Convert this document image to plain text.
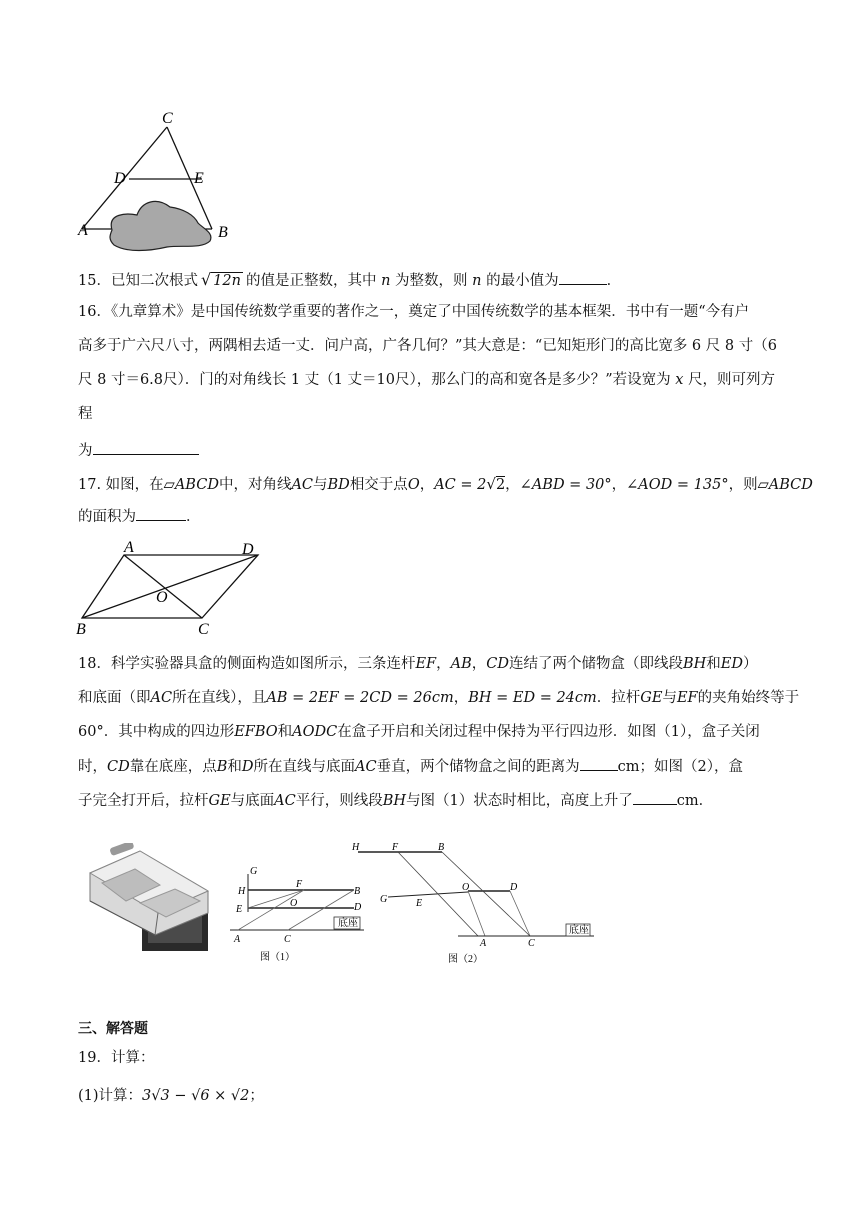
C
D	E
A	B
15．已知二次根式 √ 12n 的值是正整数，其中 n 为整数，则 n 的最小值为	．
16．《九章算术》是中国传统数学重要的著作之一，奠定了中国传统数学的基本框架．书中有一题“今有户
高多于广六尺八寸，两隅相去适一丈．问户高，广各几何？”其大意是：“已知矩形门的高比宽多 6 尺 8 寸（6
尺 8 寸＝6.8尺）．门的对角线长 1 丈（1 丈＝10尺），那么门的高和宽各是多少？”若设宽为 x 尺，则可列方
程
为
17. 如图，在▱ABCD中，对角线AC与BD相交于点O，AC = 2√2，∠ABD = 30°，∠AOD = 135°，则▱ABCD
的面积为	．
A	D
O
B	C
18．科学实验器具盒的侧面构造如图所示，三条连杆EF，AB，CD连结了两个储物盒（即线段BH和ED）
和底面（即AC所在直线），且AB = 2EF = 2CD = 26cm，BH = ED = 24cm．拉杆GE与EF的夹角始终等于
60°．其中构成的四边形EFBO和AODC在盒子开启和关闭过程中保持为平行四边形．如图（1），盒子关闭
时，CD靠在底座，点B和D所在直线与底面AC垂直，两个储物盒之间的距离为	cm；如图（2），盒
子完全打开后，拉杆GE与底面AC平行，则线段BH与图（1）状态时相比，高度上升了	cm．
底座
G
H
F
B
E
O	D
A	C
图（1）
底座
H	F	B
G	E
O	D
A	C
图（2）
三、解答题
19．计算：
(1)计算：3√3 − √6 × √2；
